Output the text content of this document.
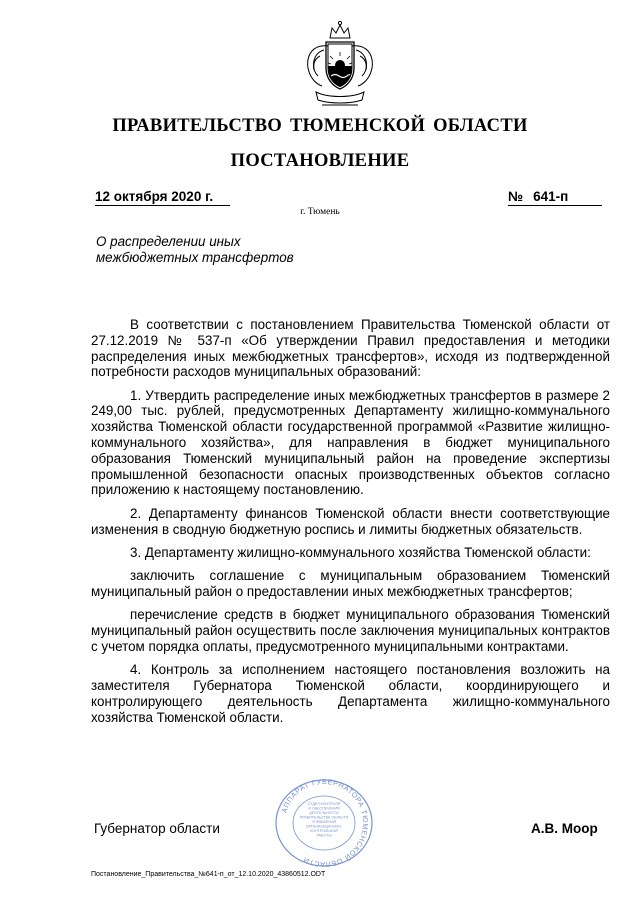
ПРАВИТЕЛЬСТВО ТЮМЕНСКОЙ ОБЛАСТИ
ПОСТАНОВЛЕНИЕ
12 октября 2020 г.	№ 641-п
г. Тюмень
О распределении иных
межбюджетных трансфертов

В соответствии с постановлением Правительства Тюменской области от 27.12.2019 № 537-п «Об утверждении Правил предоставления и методики распределения иных межбюджетных трансфертов», исходя из подтвержденной потребности расходов муниципальных образований:

1. Утвердить распределение иных межбюджетных трансфертов в размере 2 249,00 тыс. рублей, предусмотренных Департаменту жилищно-коммунального хозяйства Тюменской области государственной программой «Развитие жилищно-коммунального хозяйства», для направления в бюджет муниципального образования Тюменский муниципальный район на проведение экспертизы промышленной безопасности опасных производственных объектов согласно приложению к настоящему постановлению.

2. Департаменту финансов Тюменской области внести соответствующие изменения в сводную бюджетную роспись и лимиты бюджетных обязательств.

3. Департаменту жилищно-коммунального хозяйства Тюменской области:

заключить соглашение с муниципальным образованием Тюменский муниципальный район о предоставлении иных межбюджетных трансфертов;

перечисление средств в бюджет муниципального образования Тюменский муниципальный район осуществить после заключения муниципальных контрактов с учетом порядка оплаты, предусмотренного муниципальными контрактами.

4. Контроль за исполнением настоящего постановления возложить на заместителя Губернатора Тюменской области, координирующего и контролирующего деятельность Департамента жилищно-коммунального хозяйства Тюменской области.

АППАРАТ ГУБЕРНАТОРА ТЮМЕНСКОЙ ОБЛАСТИ
ОТДЕЛ КОНТРОЛЯ
И ОБЕСПЕЧЕНИЯ
ДЕЯТЕЛЬНОСТИ
ПРАВИТЕЛЬСТВА ОБЛАСТИ
УПРАВЛЕНИЯ
ОРГАНИЗАЦИОННО-
КОНТРОЛЬНОЙ
РАБОТЫ
Губернатор области	А.В. Моор
Постановление_Правительства_№641-п_от_12.10.2020_43860512.ODT
